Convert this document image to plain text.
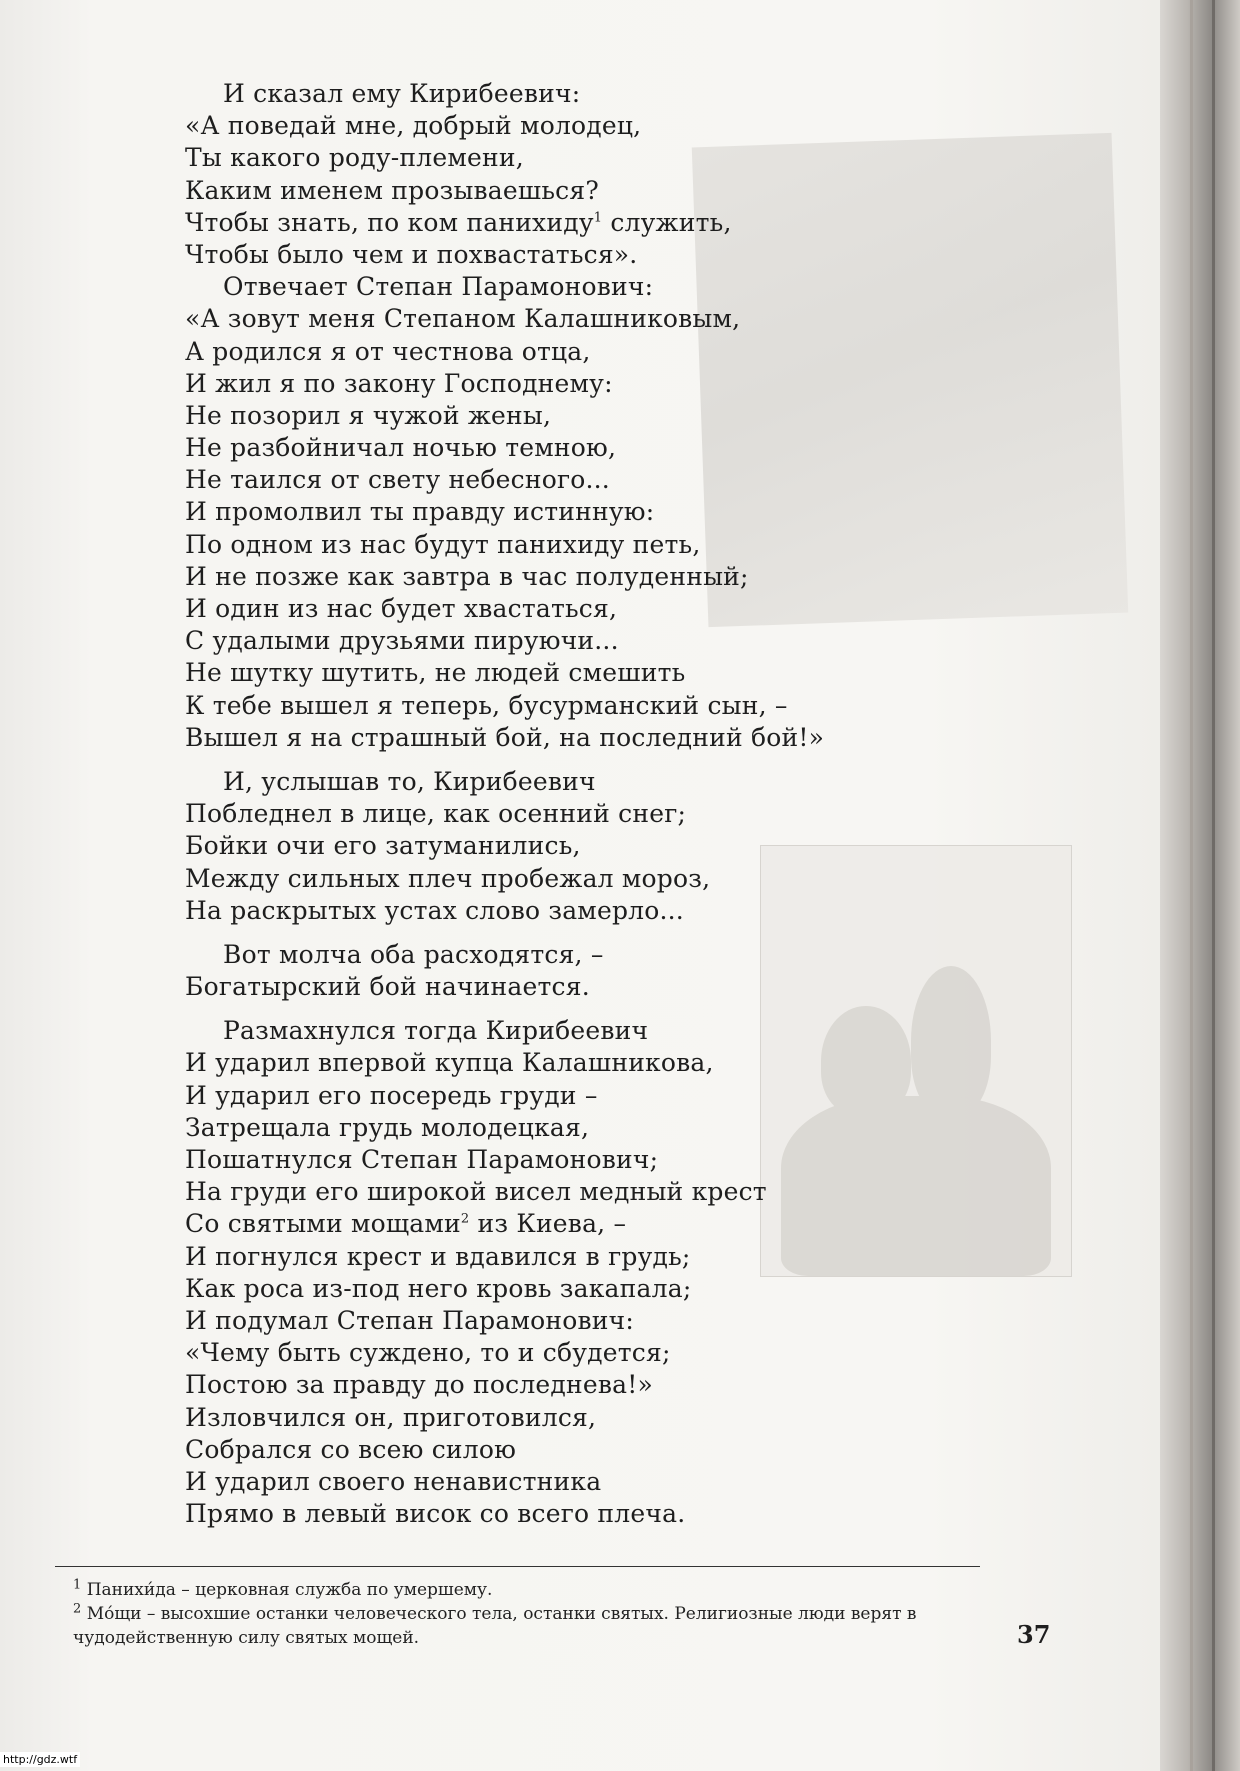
И сказал ему Кирибеевич:
«А поведай мне, добрый молодец,
Ты какого роду-племени,
Каким именем прозываешься?
Чтобы знать, по ком панихиду$^1$ служить,
Чтобы было чем и похвастаться».
Отвечает Степан Парамонович:
«А зовут меня Степаном Калашниковым,
А родился я от честнова отца,
И жил я по закону Господнему:
Не позорил я чужой жены,
Не разбойничал ночью темною,
Не таился от свету небесного...
И промолвил ты правду истинную:
По одном из нас будут панихиду петь,
И не позже как завтра в час полуденный;
И один из нас будет хвастаться,
С удалыми друзьями пируючи...
Не шутку шутить, не людей смешить
К тебе вышел я теперь, бусурманский сын, –
Вышел я на страшный бой, на последний бой!»
И, услышав то, Кирибеевич
Побледнел в лице, как осенний снег;
Бойки очи его затуманились,
Между сильных плеч пробежал мороз,
На раскрытых устах слово замерло...
Вот молча оба расходятся, –
Богатырский бой начинается.
Размахнулся тогда Кирибеевич
И ударил впервой купца Калашникова,
И ударил его посередь груди –
Затрещала грудь молодецкая,
Пошатнулся Степан Парамонович;
На груди его широкой висел медный крест
Со святыми мощами$^2$ из Киева, –
И погнулся крест и вдавился в грудь;
Как роса из-под него кровь закапала;
И подумал Степан Парамонович:
«Чему быть суждено, то и сбудется;
Постою за правду до последнева!»
Изловчился он, приготовился,
Собрался со всею силою
И ударил своего ненавистника
Прямо в левый висок со всего плеча.

$^1$ Панихи́да – церковная служба по умершему.

$^2$ Мо́щи – высохшие останки человеческого тела, останки святых. Религиозные люди верят в чудодейственную силу святых мощей.	37
http://gdz.wtf
